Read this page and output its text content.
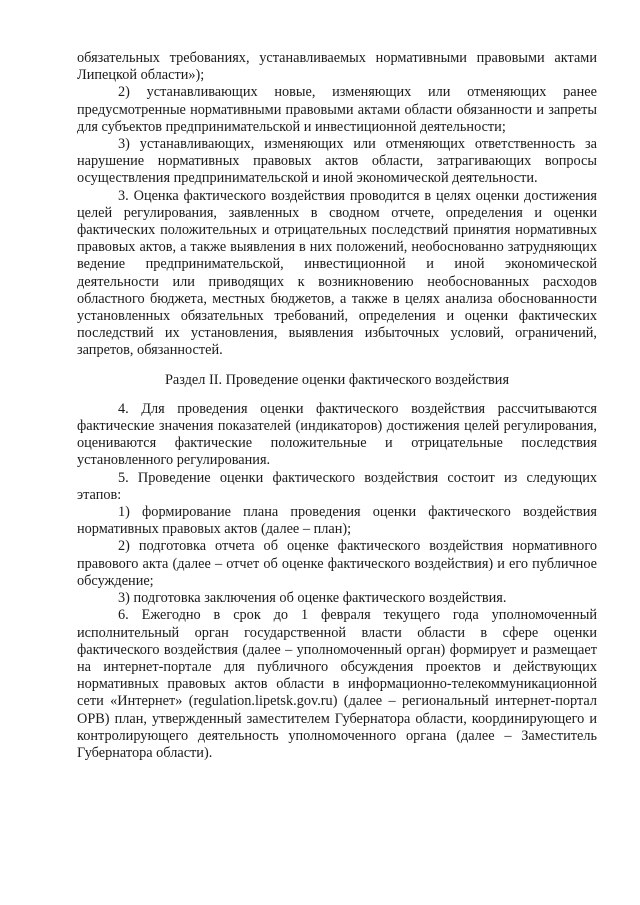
обязательных требованиях, устанавливаемых нормативными правовыми актами Липецкой области»);

2) устанавливающих новые, изменяющих или отменяющих ранее предусмотренные нормативными правовыми актами области обязанности и запреты для субъектов предпринимательской и инвестиционной деятельности;

3) устанавливающих, изменяющих или отменяющих ответственность за нарушение нормативных правовых актов области, затрагивающих вопросы осуществления предпринимательской и иной экономической деятельности.

3. Оценка фактического воздействия проводится в целях оценки достижения целей регулирования, заявленных в сводном отчете, определения и оценки фактических положительных и отрицательных последствий принятия нормативных правовых актов, а также выявления в них положений, необоснованно затрудняющих ведение предпринимательской, инвестиционной и иной экономической деятельности или приводящих к возникновению необоснованных расходов областного бюджета, местных бюджетов, а также в целях анализа обоснованности установленных обязательных требований, определения и оценки фактических последствий их установления, выявления избыточных условий, ограничений, запретов, обязанностей.

Раздел II. Проведение оценки фактического воздействия

4. Для проведения оценки фактического воздействия рассчитываются фактические значения показателей (индикаторов) достижения целей регулирования, оцениваются фактические положительные и отрицательные последствия установленного регулирования.

5. Проведение оценки фактического воздействия состоит из следующих этапов:

1) формирование плана проведения оценки фактического воздействия нормативных правовых актов (далее – план);

2) подготовка отчета об оценке фактического воздействия нормативного правового акта (далее – отчет об оценке фактического воздействия) и его публичное обсуждение;

3) подготовка заключения об оценке фактического воздействия.

6. Ежегодно в срок до 1 февраля текущего года уполномоченный исполнительный орган государственной власти области в сфере оценки фактического воздействия (далее – уполномоченный орган) формирует и размещает на интернет-портале для публичного обсуждения проектов и действующих нормативных правовых актов области в информационно-телекоммуникационной сети «Интернет» (regulation.lipetsk.gov.ru) (далее – региональный интернет-портал ОРВ) план, утвержденный заместителем Губернатора области, координирующего и контролирующего деятельность уполномоченного органа (далее – Заместитель Губернатора области).
